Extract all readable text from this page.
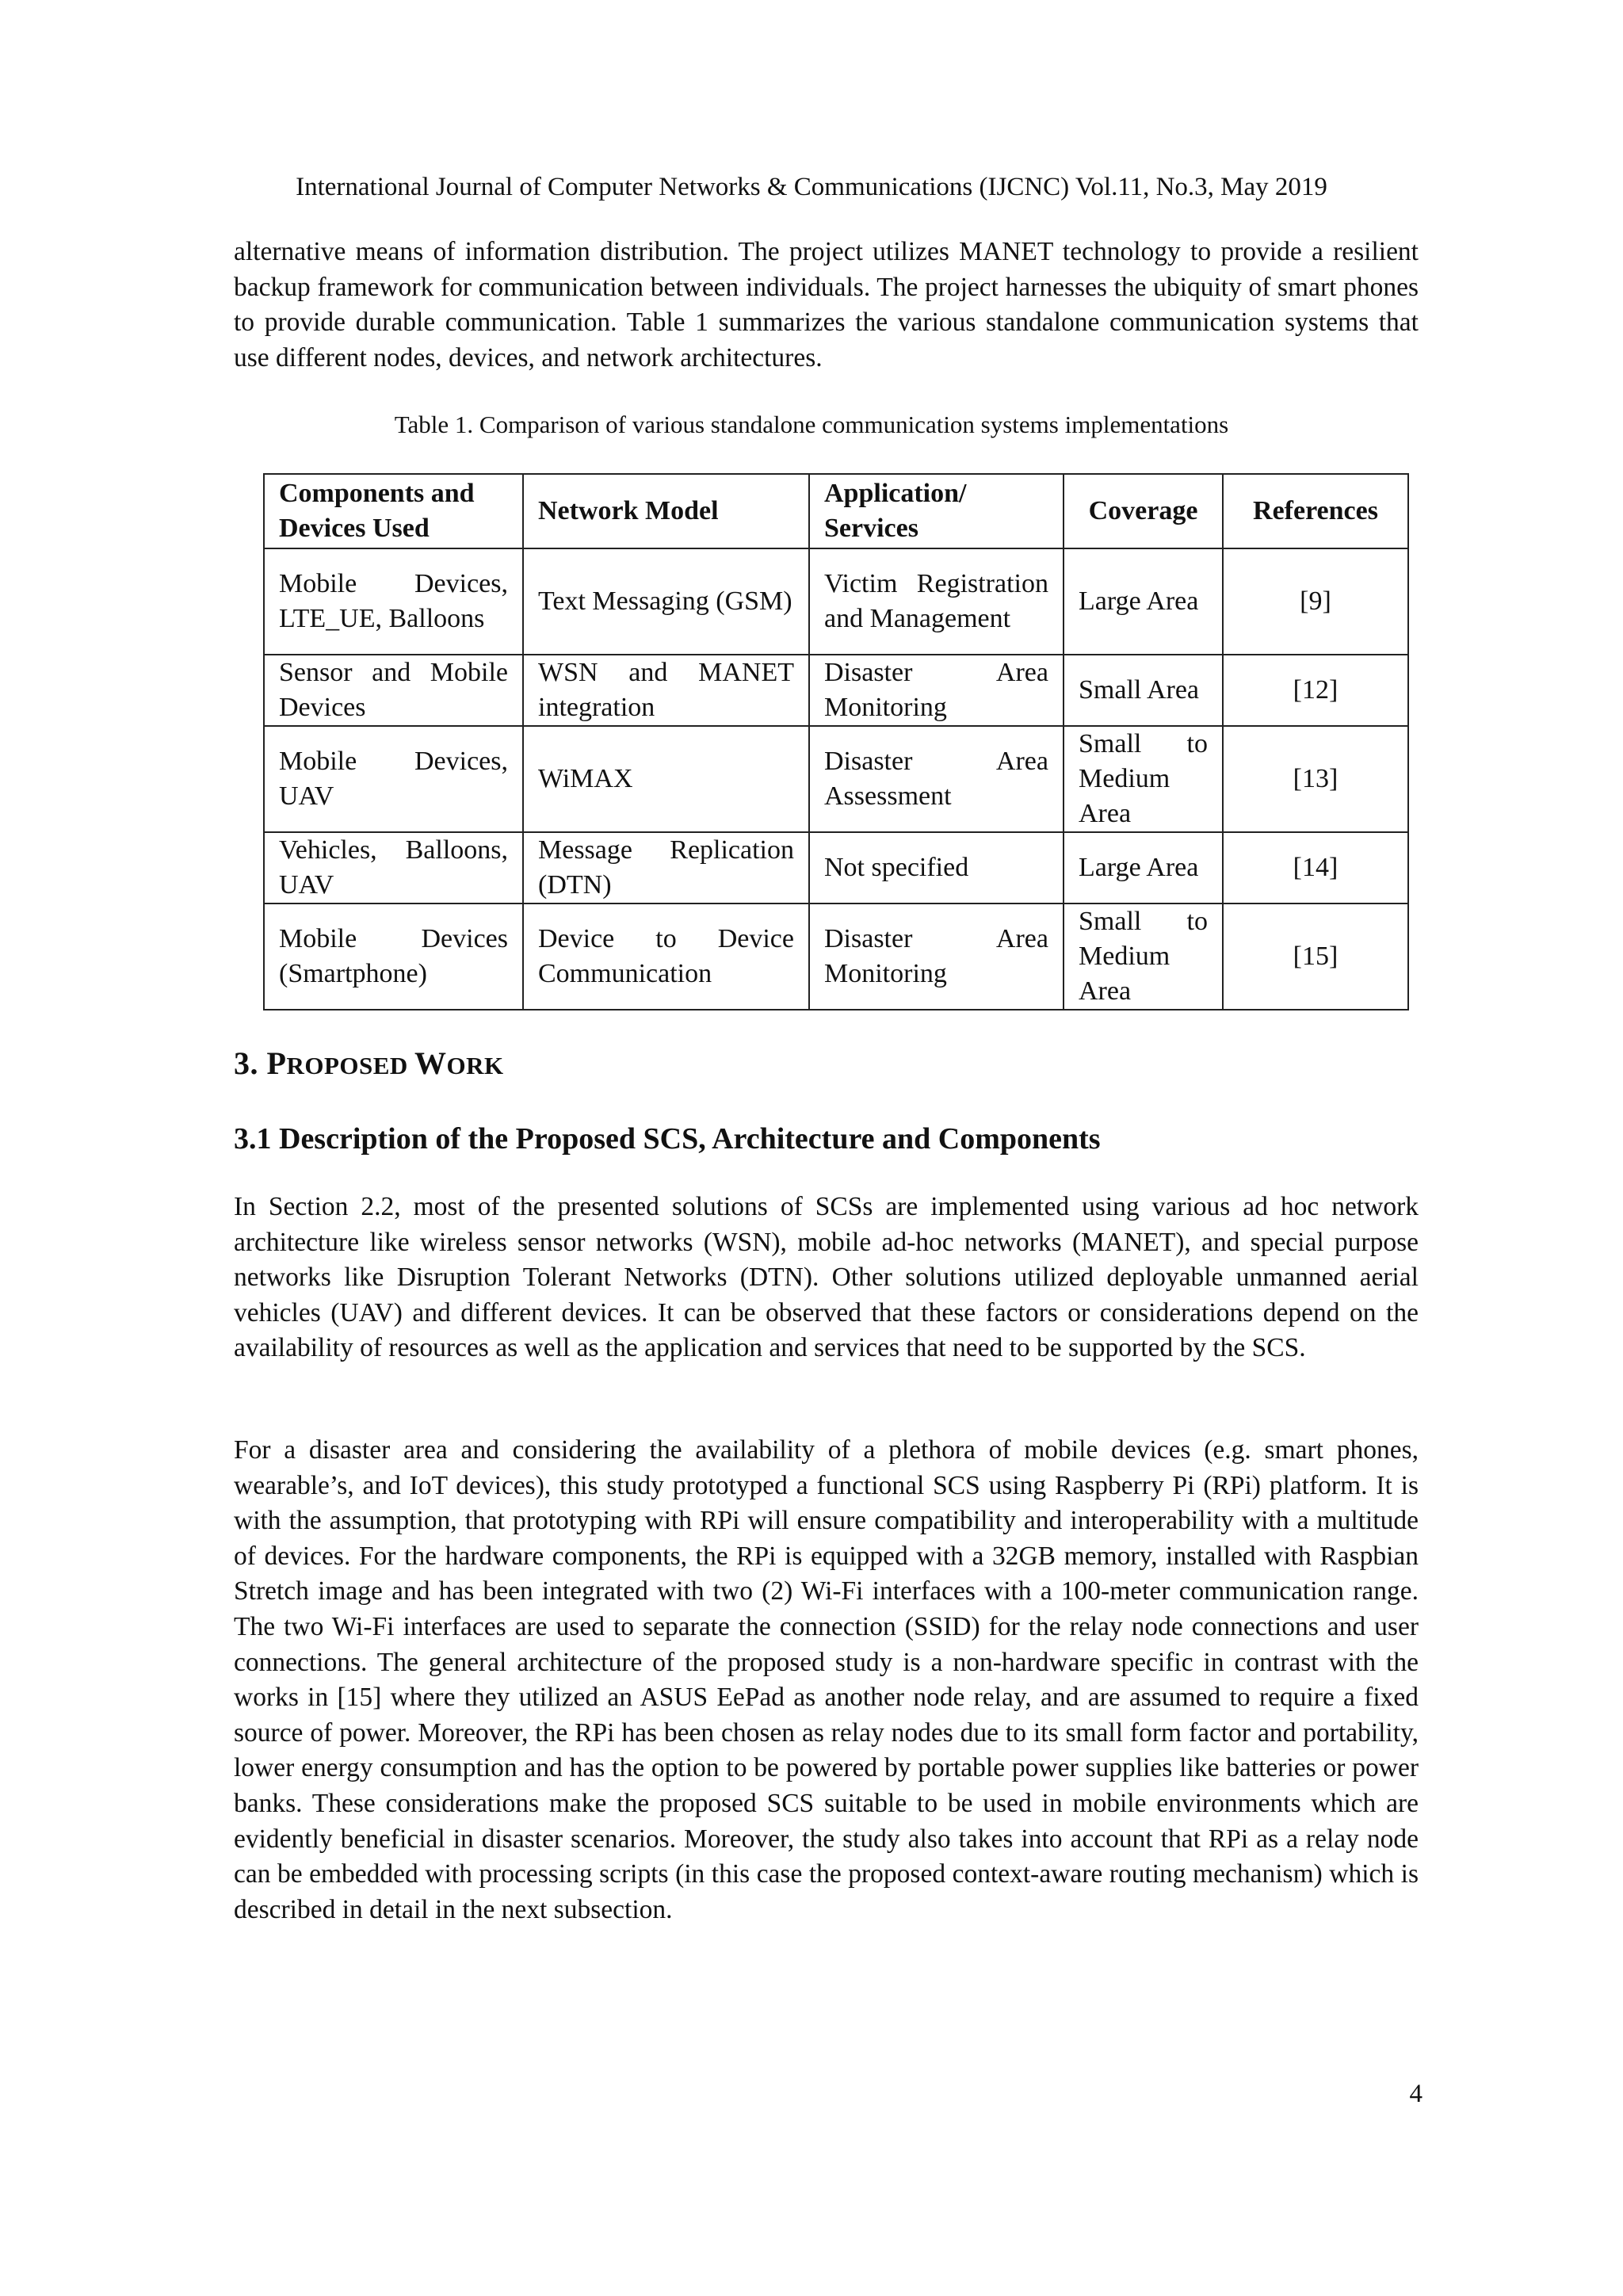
International Journal of Computer Networks & Communications (IJCNC) Vol.11, No.3, May 2019

alternative means of information distribution. The project utilizes MANET technology to provide a resilient backup framework for communication between individuals. The project harnesses the ubiquity of smart phones to provide durable communication. Table 1 summarizes the various standalone communication systems that use different nodes, devices, and network architectures.

Table 1. Comparison of various standalone communication systems implementations
Components and Devices Used	Network Model	Application/ Services	Coverage	References
Mobile Devices, LTE_UE, Balloons	Text Messaging (GSM)	Victim Registration and Management	Large Area	[9]
Sensor and Mobile Devices	WSN and MANET integration	Disaster Area Monitoring	Small Area	[12]
Mobile Devices, UAV	WiMAX	Disaster Area Assessment	Small to Medium Area	[13]
Vehicles, Balloons, UAV	Message Replication (DTN)	Not specified	Large Area	[14]
Mobile Devices (Smartphone)	Device to Device Communication	Disaster Area Monitoring	Small to Medium Area	[15]
3. PROPOSED WORK
3.1 Description of the Proposed SCS, Architecture and Components

In Section 2.2, most of the presented solutions of SCSs are implemented using various ad hoc network architecture like wireless sensor networks (WSN), mobile ad-hoc networks (MANET), and special purpose networks like Disruption Tolerant Networks (DTN). Other solutions utilized deployable unmanned aerial vehicles (UAV) and different devices. It can be observed that these factors or considerations depend on the availability of resources as well as the application and services that need to be supported by the SCS.

For a disaster area and considering the availability of a plethora of mobile devices (e.g. smart phones, wearable’s, and IoT devices), this study prototyped a functional SCS using Raspberry Pi (RPi) platform. It is with the assumption, that prototyping with RPi will ensure compatibility and interoperability with a multitude of devices. For the hardware components, the RPi is equipped with a 32GB memory, installed with Raspbian Stretch image and has been integrated with two (2) Wi-Fi interfaces with a 100-meter communication range. The two Wi-Fi interfaces are used to separate the connection (SSID) for the relay node connections and user connections. The general architecture of the proposed study is a non-hardware specific in contrast with the works in [15] where they utilized an ASUS EePad as another node relay, and are assumed to require a fixed source of power. Moreover, the RPi has been chosen as relay nodes due to its small form factor and portability, lower energy consumption and has the option to be powered by portable power supplies like batteries or power banks. These considerations make the proposed SCS suitable to be used in mobile environments which are evidently beneficial in disaster scenarios. Moreover, the study also takes into account that RPi as a relay node can be embedded with processing scripts (in this case the proposed context-aware routing mechanism) which is described in detail in the next subsection.

4
